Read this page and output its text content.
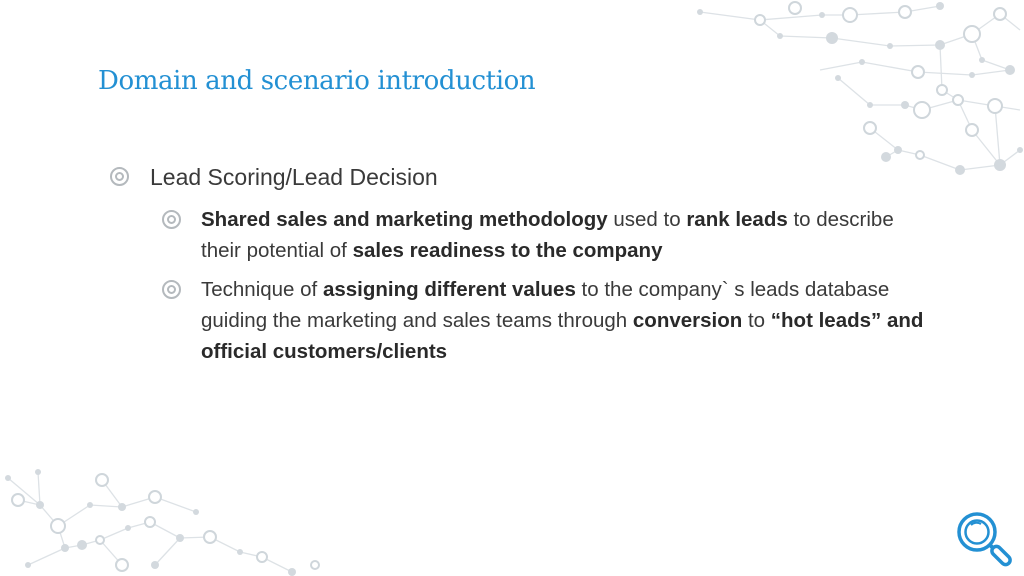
Domain and scenario introduction
Lead Scoring/Lead Decision
Shared sales and marketing methodology used to rank leads to describe their potential of sales readiness to the company
Technique of assigning different values to the company` s leads database guiding the marketing and sales teams through conversion to “hot leads” and official customers/clients
